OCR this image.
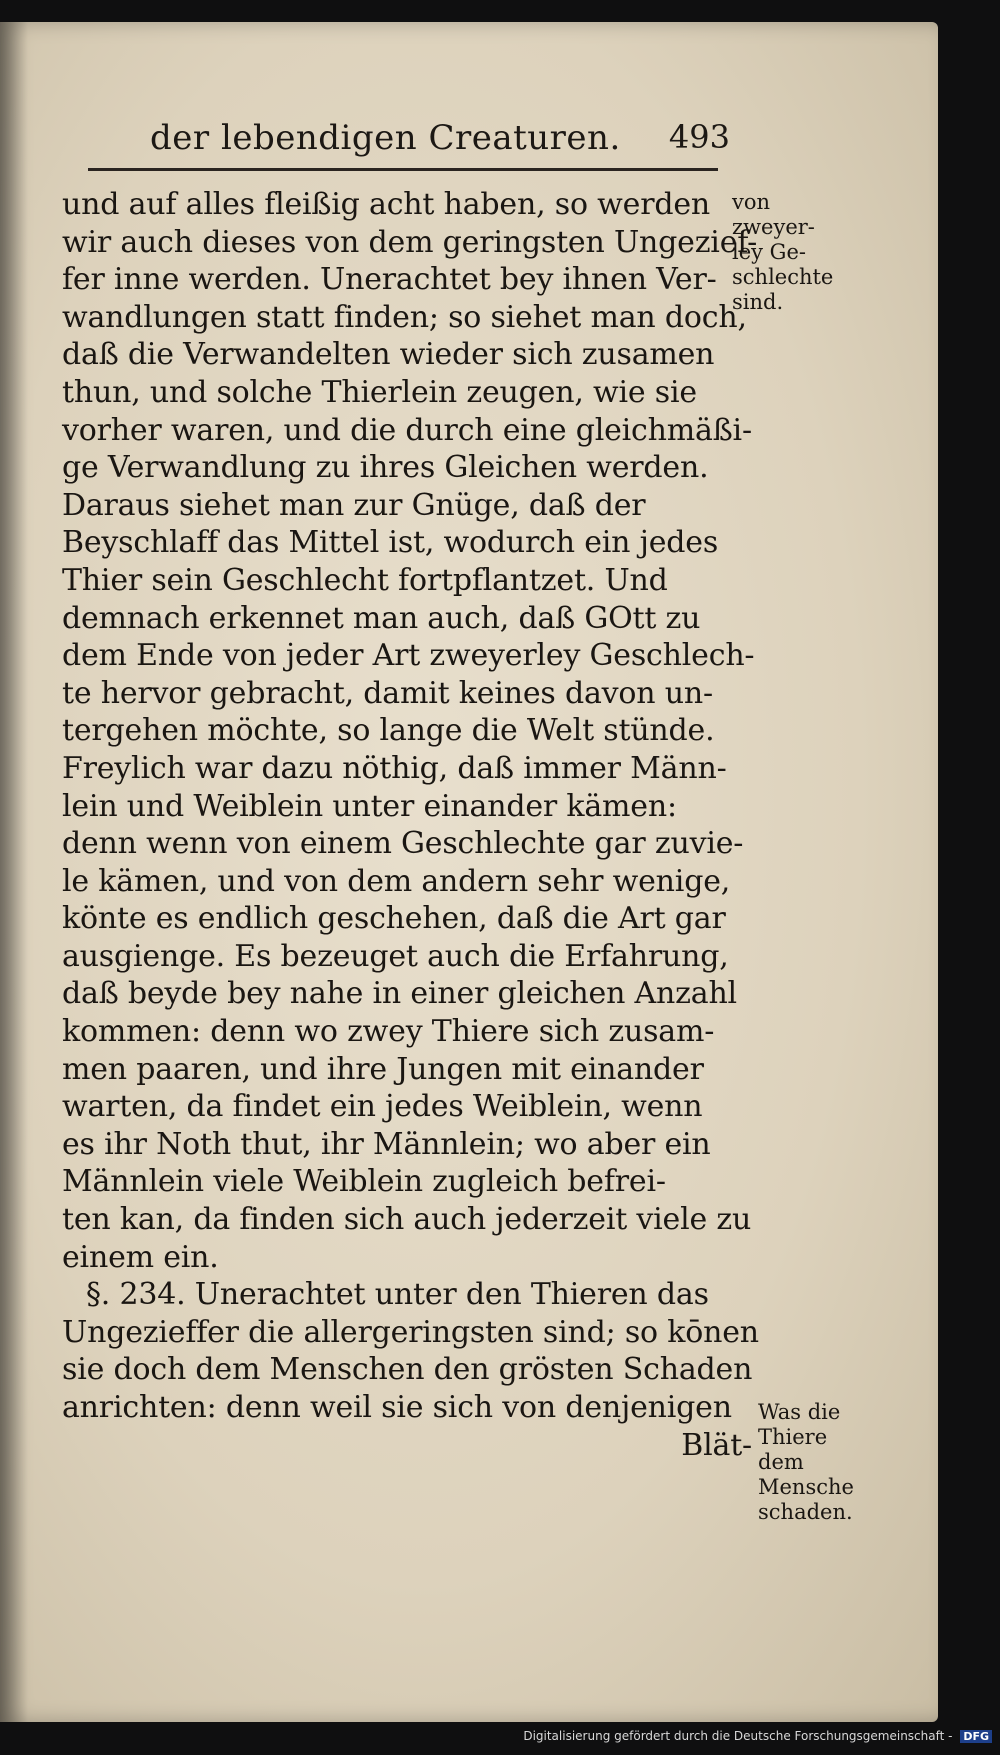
der lebendigen Creaturen. 493
und auf alles fleißig acht haben, so werden
wir auch dieses von dem geringsten Ungezief-
fer inne werden. Unerachtet bey ihnen Ver-
wandlungen statt finden; so siehet man doch,
daß die Verwandelten wieder sich zusamen
thun, und solche Thierlein zeugen, wie sie
vorher waren, und die durch eine gleichmäßi-
ge Verwandlung zu ihres Gleichen werden.
Daraus siehet man zur Gnüge, daß der
Beyschlaff das Mittel ist, wodurch ein jedes
Thier sein Geschlecht fortpflantzet. Und
demnach erkennet man auch, daß GOtt zu
dem Ende von jeder Art zweyerley Geschlech-
te hervor gebracht, damit keines davon un-
tergehen möchte, so lange die Welt stünde.
Freylich war dazu nöthig, daß immer Männ-
lein und Weiblein unter einander kämen:
denn wenn von einem Geschlechte gar zuvie-
le kämen, und von dem andern sehr wenige,
könte es endlich geschehen, daß die Art gar
ausgienge. Es bezeuget auch die Erfahrung,
daß beyde bey nahe in einer gleichen Anzahl
kommen: denn wo zwey Thiere sich zusam-
men paaren, und ihre Jungen mit einander
warten, da findet ein jedes Weiblein, wenn
es ihr Noth thut, ihr Männlein; wo aber ein
Männlein viele Weiblein zugleich befrei-
ten kan, da finden sich auch jederzeit viele zu
einem ein.
§. 234. Unerachtet unter den Thieren das
Ungezieffer die allergeringsten sind; so kōnen
sie doch dem Menschen den grösten Schaden
anrichten: denn weil sie sich von denjenigen
Blät-
von
zweyer-
ley Ge-
schlechte
sind.
Was die
Thiere
dem
Mensche
schaden.
Digitalisierung gefördert durch die Deutsche Forschungsgemeinschaft - DFG
